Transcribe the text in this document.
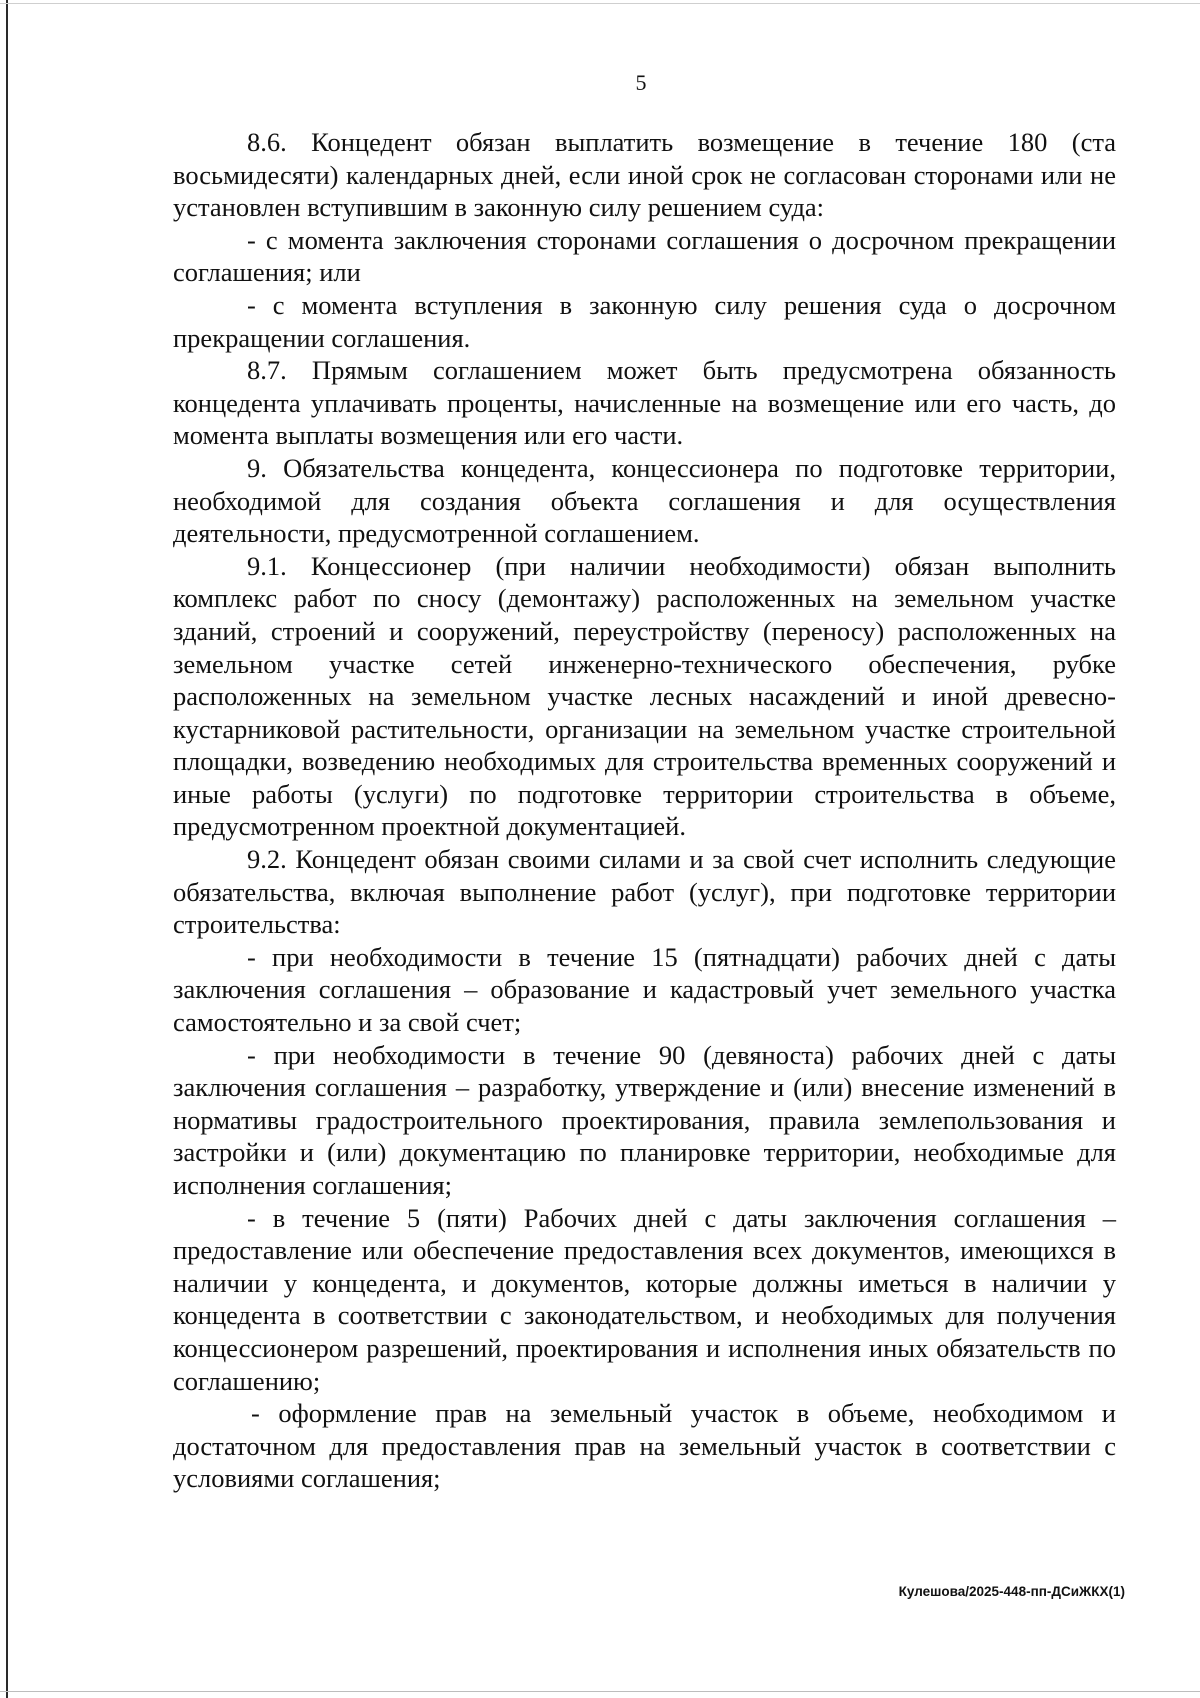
5

8.6. Концедент обязан выплатить возмещение в течение 180 (ста восьмидесяти) календарных дней, если иной срок не согласован сторонами или не установлен вступившим в законную силу решением суда:

- с момента заключения сторонами соглашения о досрочном прекращении соглашения; или

- с момента вступления в законную силу решения суда о досрочном прекращении соглашения.

8.7. Прямым соглашением может быть предусмотрена обязанность концедента уплачивать проценты, начисленные на возмещение или его часть, до момента выплаты возмещения или его части.

9. Обязательства концедента, концессионера по подготовке территории, необходимой для создания объекта соглашения и для осуществления деятельности, предусмотренной соглашением.

9.1. Концессионер (при наличии необходимости) обязан выполнить комплекс работ по сносу (демонтажу) расположенных на земельном участке зданий, строений и сооружений, переустройству (переносу) расположенных на земельном участке сетей инженерно-технического обеспечения, рубке расположенных на земельном участке лесных насаждений и иной древесно-кустарниковой растительности, организации на земельном участке строительной площадки, возведению необходимых для строительства временных сооружений и иные работы (услуги) по подготовке территории строительства в объеме, предусмотренном проектной документацией.

9.2. Концедент обязан своими силами и за свой счет исполнить следующие обязательства, включая выполнение работ (услуг), при подготовке территории строительства:

- при необходимости в течение 15 (пятнадцати) рабочих дней с даты заключения соглашения – образование и кадастровый учет земельного участка самостоятельно и за свой счет;

- при необходимости в течение 90 (девяноста) рабочих дней с даты заключения соглашения – разработку, утверждение и (или) внесение изменений в нормативы градостроительного проектирования, правила землепользования и застройки и (или) документацию по планировке территории, необходимые для исполнения соглашения;

- в течение 5 (пяти) Рабочих дней с даты заключения соглашения – предоставление или обеспечение предоставления всех документов, имеющихся в наличии у концедента, и документов, которые должны иметься в наличии у концедента в соответствии с законодательством, и необходимых для получения концессионером разрешений, проектирования и исполнения иных обязательств по соглашению;

- оформление прав на земельный участок в объеме, необходимом и достаточном для предоставления прав на земельный участок в соответствии с условиями соглашения;

Кулешова/2025-448-пп-ДСиЖКХ(1)
